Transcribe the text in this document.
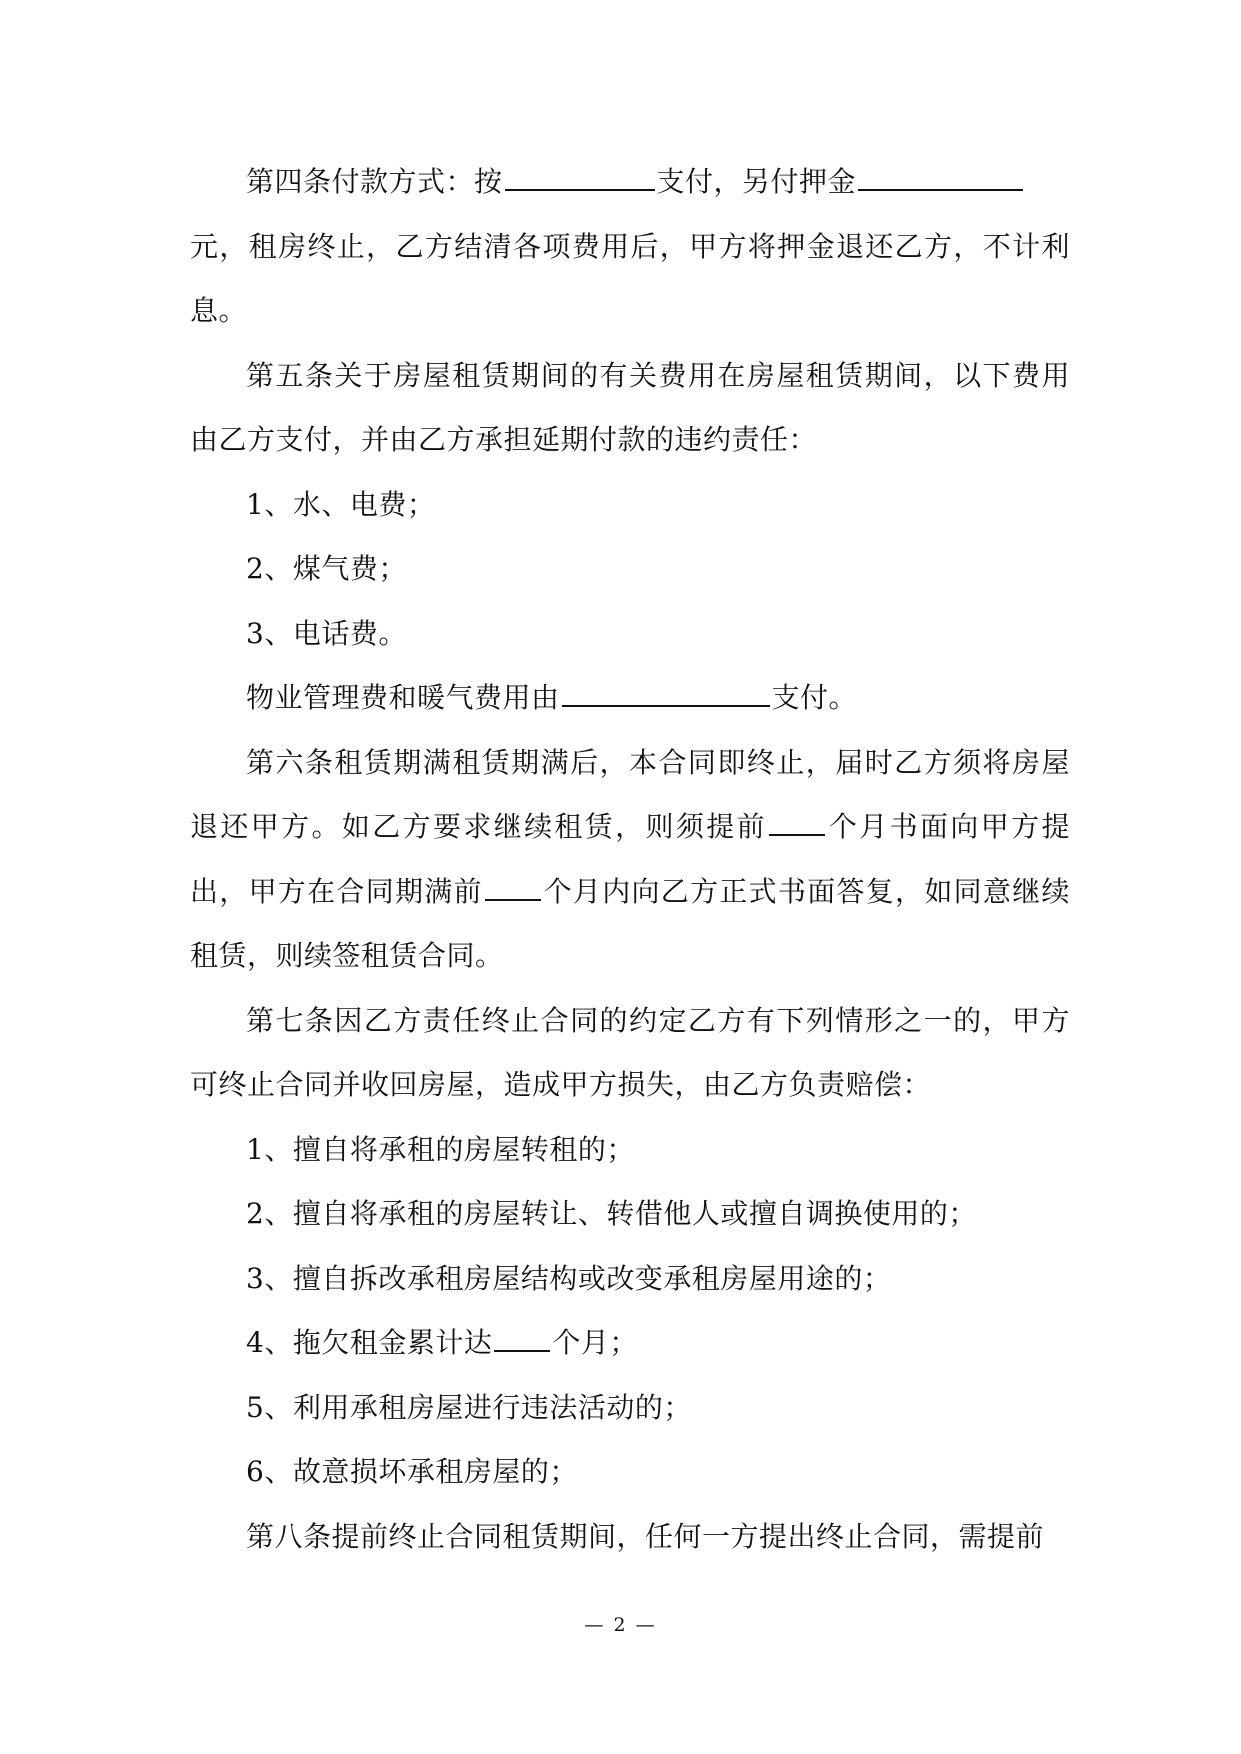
第四条付款方式：按	支付，另付押金

元，租房终止，乙方结清各项费用后，甲方将押金退还乙方，不计利息。

第五条关于房屋租赁期间的有关费用在房屋租赁期间，以下费用由乙方支付，并由乙方承担延期付款的违约责任：

1、水、电费；

2、煤气费；

3、电话费。

物业管理费和暖气费用由	支付。

第六条租赁期满租赁期满后，本合同即终止，届时乙方须将房屋退还甲方。如乙方要求继续租赁，则须提前 个月书面向甲方提出，甲方在合同期满前 个月内向乙方正式书面答复，如同意继续租赁，则续签租赁合同。

第七条因乙方责任终止合同的约定乙方有下列情形之一的，甲方可终止合同并收回房屋，造成甲方损失，由乙方负责赔偿：

1、擅自将承租的房屋转租的；

2、擅自将承租的房屋转让、转借他人或擅自调换使用的；

3、擅自拆改承租房屋结构或改变承租房屋用途的；

4、拖欠租金累计达 个月；

5、利用承租房屋进行违法活动的；

6、故意损坏承租房屋的；

第八条提前终止合同租赁期间，任何一方提出终止合同，需提前

— 2 —
